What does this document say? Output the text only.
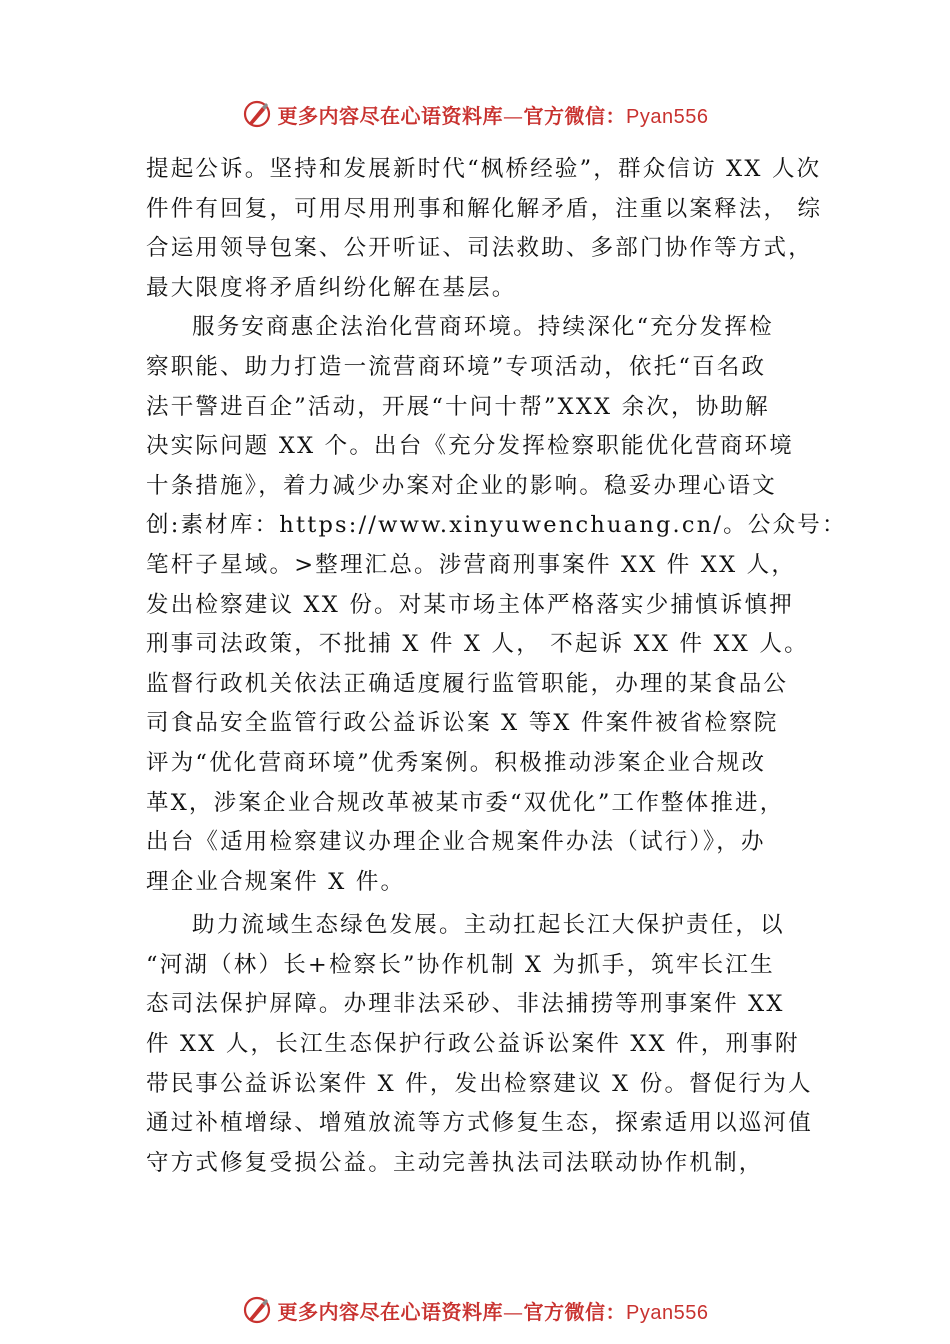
更多内容尽在心语资料库—官方微信：Pyan556
提起公诉。坚持和发展新时代“枫桥经验”，群众信访 XX 人次
件件有回复，可用尽用刑事和解化解矛盾，注重以案释法， 综
合运用领导包案、公开听证、司法救助、多部门协作等方式，
最大限度将矛盾纠纷化解在基层。
服务安商惠企法治化营商环境。持续深化“充分发挥检
察职能、助力打造一流营商环境”专项活动，依托“百名政
法干警进百企”活动，开展“十问十帮”XXX 余次，协助解
决实际问题 XX 个。出台《充分发挥检察职能优化营商环境
十条措施》，着力减少办案对企业的影响。稳妥办理心语文
创:素材库：https://www.xinyuwenchuang.cn/。公众号：
笔杆子星域。>整理汇总。涉营商刑事案件 XX 件 XX 人，
发出检察建议 XX 份。对某市场主体严格落实少捕慎诉慎押
刑事司法政策，不批捕 X 件 X 人， 不起诉 XX 件 XX 人。
监督行政机关依法正确适度履行监管职能，办理的某食品公
司食品安全监管行政公益诉讼案 X 等X 件案件被省检察院
评为“优化营商环境”优秀案例。积极推动涉案企业合规改
革X，涉案企业合规改革被某市委“双优化”工作整体推进，
出台《适用检察建议办理企业合规案件办法（试行）》，办
理企业合规案件 X 件。
助力流域生态绿色发展。主动扛起长江大保护责任，以
“河湖（林）长+检察长”协作机制 X 为抓手，筑牢长江生
态司法保护屏障。办理非法采砂、非法捕捞等刑事案件 XX
件 XX 人，长江生态保护行政公益诉讼案件 XX 件，刑事附
带民事公益诉讼案件 X 件，发出检察建议 X 份。督促行为人
通过补植增绿、增殖放流等方式修复生态，探索适用以巡河值
守方式修复受损公益。主动完善执法司法联动协作机制，
更多内容尽在心语资料库—官方微信：Pyan556
